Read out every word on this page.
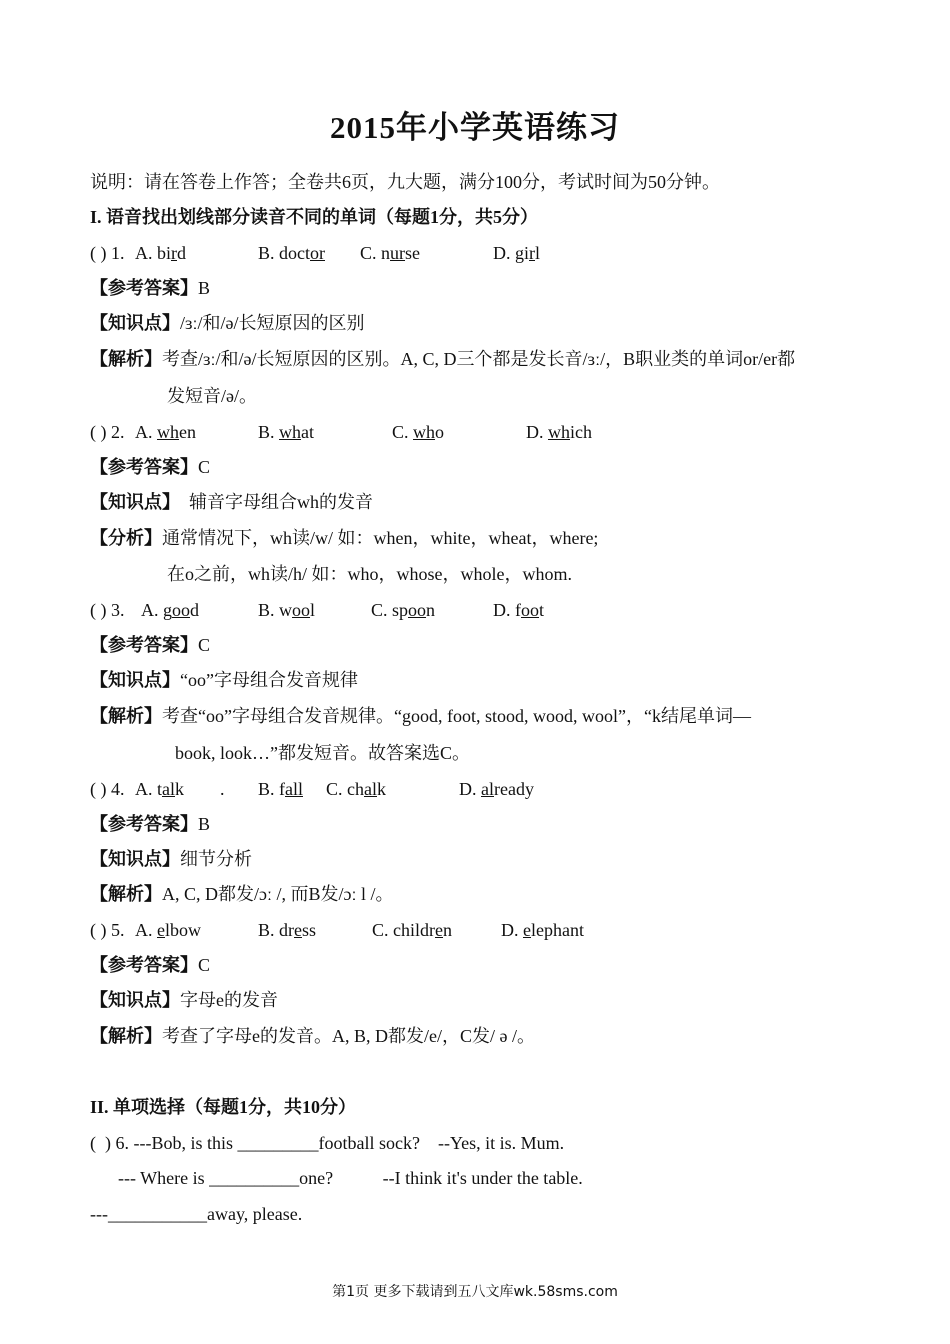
2015年小学英语练习
说明：请在答卷上作答；全卷共6页，九大题，满分100分，考试时间为50分钟。
I. 语音找出划线部分读音不同的单词（每题1分，共5分）
( ) 1. A. bird	B. doctor C. nurse	D. girl
【参考答案】B
【知识点】/ɜː/和/ə/长短原因的区别
【解析】考查/ɜː/和/ə/长短原因的区别。A, C, D三个都是发长音/ɜː/，B职业类的单词or/er都
发短音/ə/。
( ) 2. A. when	B. what	C. who	D. which
【参考答案】C
【知识点】　辅音字母组合wh的发音
【分析】通常情况下，wh读/w/ 如：when，white，wheat，where;
在o之前，wh读/h/ 如：who，whose，whole，whom.
( ) 3. A. good	B. wool	C. spoon	D. foot
【参考答案】C
【知识点】“oo”字母组合发音规律
【解析】考查“oo”字母组合发音规律。“good, foot, stood, wood, wool”，“k结尾单词—
book, look…”都发短音。故答案选C。
( ) 4. A. talk        . B. fall C. chalk	D. already
【参考答案】B
【知识点】细节分析
【解析】A, C, D都发/ɔː /, 而B发/ɔː l /。
( ) 5. A. elbow	B. dress	C. children	D. elephant
【参考答案】C
【知识点】字母e的发音
【解析】考查了字母e的发音。A, B, D都发/e/，C发/ ə /。
II. 单项选择（每题1分，共10分）
(  ) 6. ---Bob, is this _________football sock?    --Yes, it is. Mum.
--- Where is __________one?           --I think it's under the table.
---___________away, please.
第1页 更多下载请到五八文库wk.58sms.com
